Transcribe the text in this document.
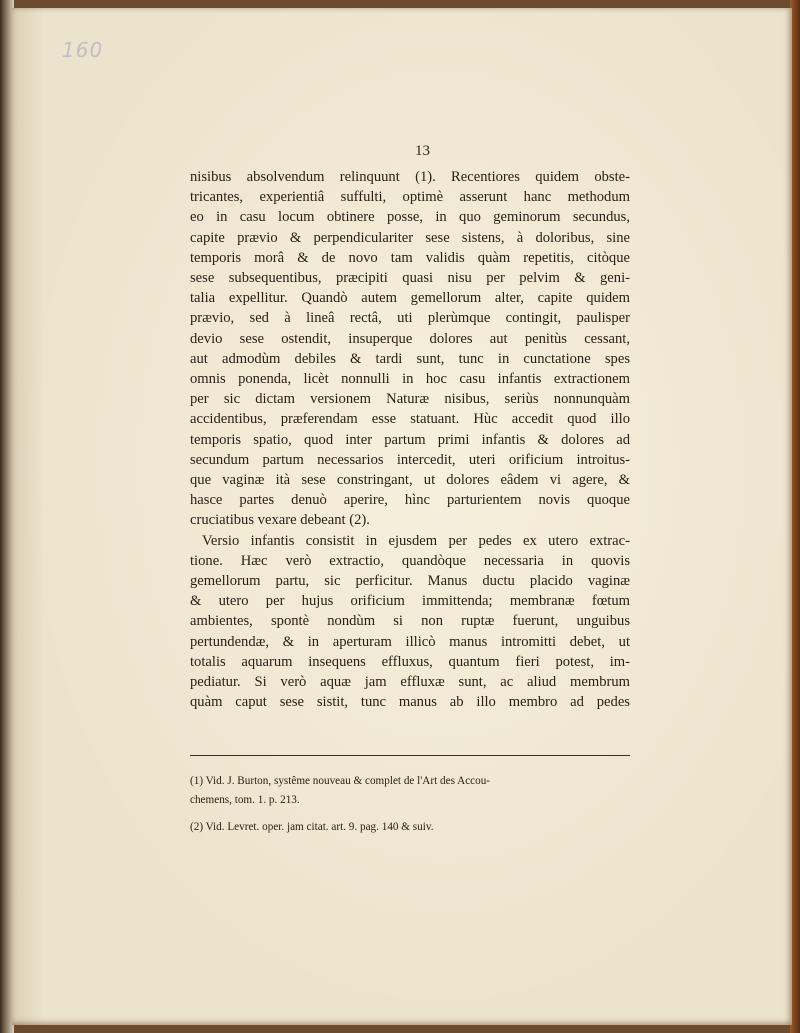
160
13
nisibus absolvendum relinquunt (1). Recentiores quidem obste-
tricantes, experientiâ suffulti, optimè asserunt hanc methodum
eo in casu locum obtinere posse, in quo geminorum secundus,
capite prævio & perpendiculariter sese sistens, à doloribus, sine
temporis morâ & de novo tam validis quàm repetitis, citòque
sese subsequentibus, præcipiti quasi nisu per pelvim & geni-
talia expellitur. Quandò autem gemellorum alter, capite quidem
prævio, sed à lineâ rectâ, uti plerùmque contingit, paulisper
devio sese ostendit, insuperque dolores aut penitùs cessant,
aut admodùm debiles & tardi sunt, tunc in cunctatione spes
omnis ponenda, licèt nonnulli in hoc casu infantis extractionem
per sic dictam versionem Naturæ nisibus, seriùs nonnunquàm
accidentibus, præferendam esse statuant. Hùc accedit quod illo
temporis spatio, quod inter partum primi infantis & dolores ad
secundum partum necessarios intercedit, uteri orificium introitus-
que vaginæ ità sese constringant, ut dolores eâdem vi agere, &
hasce partes denuò aperire, hìnc parturientem novis quoque
cruciatibus vexare debeant (2).
Versio infantis consistit in ejusdem per pedes ex utero extrac-
tione. Hæc verò extractio, quandòque necessaria in quovis
gemellorum partu, sic perficitur. Manus ductu placido vaginæ
& utero per hujus orificium immittenda; membranæ fœtum
ambientes, spontè nondùm si non ruptæ fuerunt, unguibus
pertundendæ, & in aperturam illicò manus intromitti debet, ut
totalis aquarum insequens effluxus, quantum fieri potest, im-
pediatur. Si verò aquæ jam effluxæ sunt, ac aliud membrum
quàm caput sese sistit, tunc manus ab illo membro ad pedes
(1) Vid. J. Burton, systême nouveau & complet de l'Art des Accou-
chemens, tom. 1. p. 213.
(2) Vid. Levret. oper. jam citat. art. 9. pag. 140 & suiv.
